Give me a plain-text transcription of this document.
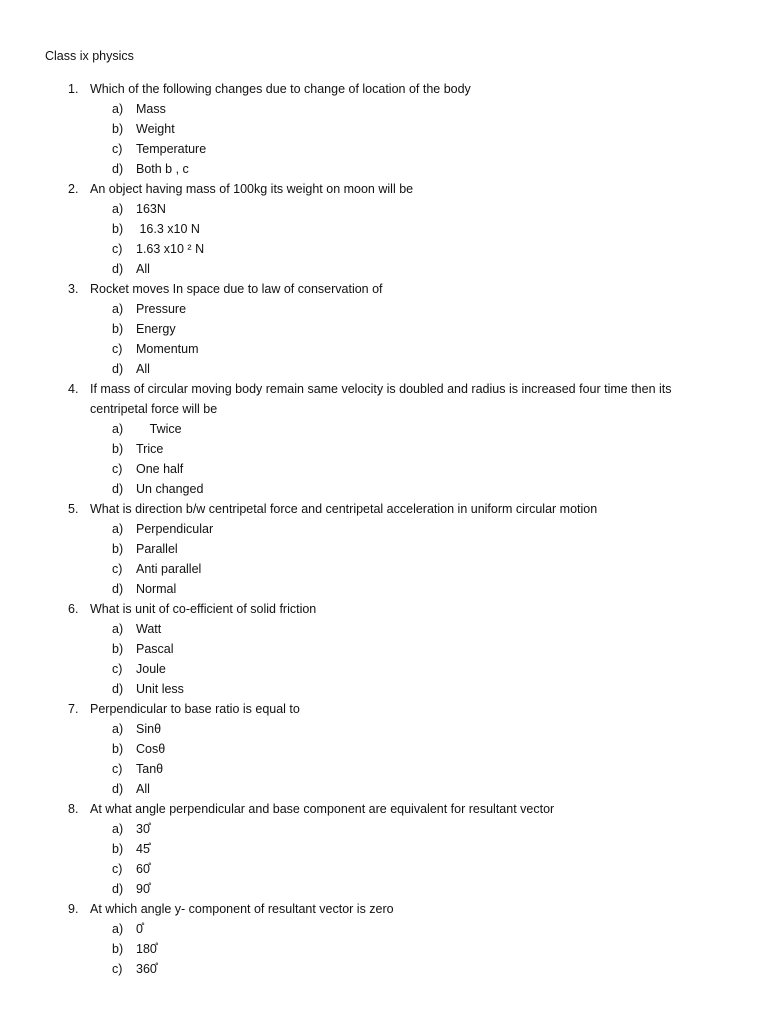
Class ix physics
1. Which of the following changes due to change of location of the body
a)	Mass
b)	Weight
c)	Temperature
d)	Both b , c
2. An object having mass of 100kg its weight on moon will be
a)	163N
b)	16.3 x10 N
c)	1.63 x10 ² N
d)	All
3. Rocket moves In space due to law of conservation of
a)	Pressure
b)	Energy
c)	Momentum
d)	All
4. If mass of circular moving body remain same velocity is doubled and radius is increased four time then its centripetal force will be
a)	Twice
b)	Trice
c)	One half
d)	Un changed
5. What is direction b/w centripetal force and centripetal acceleration in uniform circular motion
a)	Perpendicular
b)	Parallel
c)	Anti parallel
d)	Normal
6. What is unit of co-efficient of solid friction
a)	Watt
b)	Pascal
c)	Joule
d)	Unit less
7. Perpendicular to base ratio is equal to
a)	Sinθ
b)	Cosθ
c)	Tanθ
d)	All
8. At what angle perpendicular and base component are equivalent for resultant vector
a)	30̊
b)	45̊
c)	60̊
d)	90̊
9. At which angle y- component of resultant vector is zero
a)	0̊
b)	180̊
c)	360̊
